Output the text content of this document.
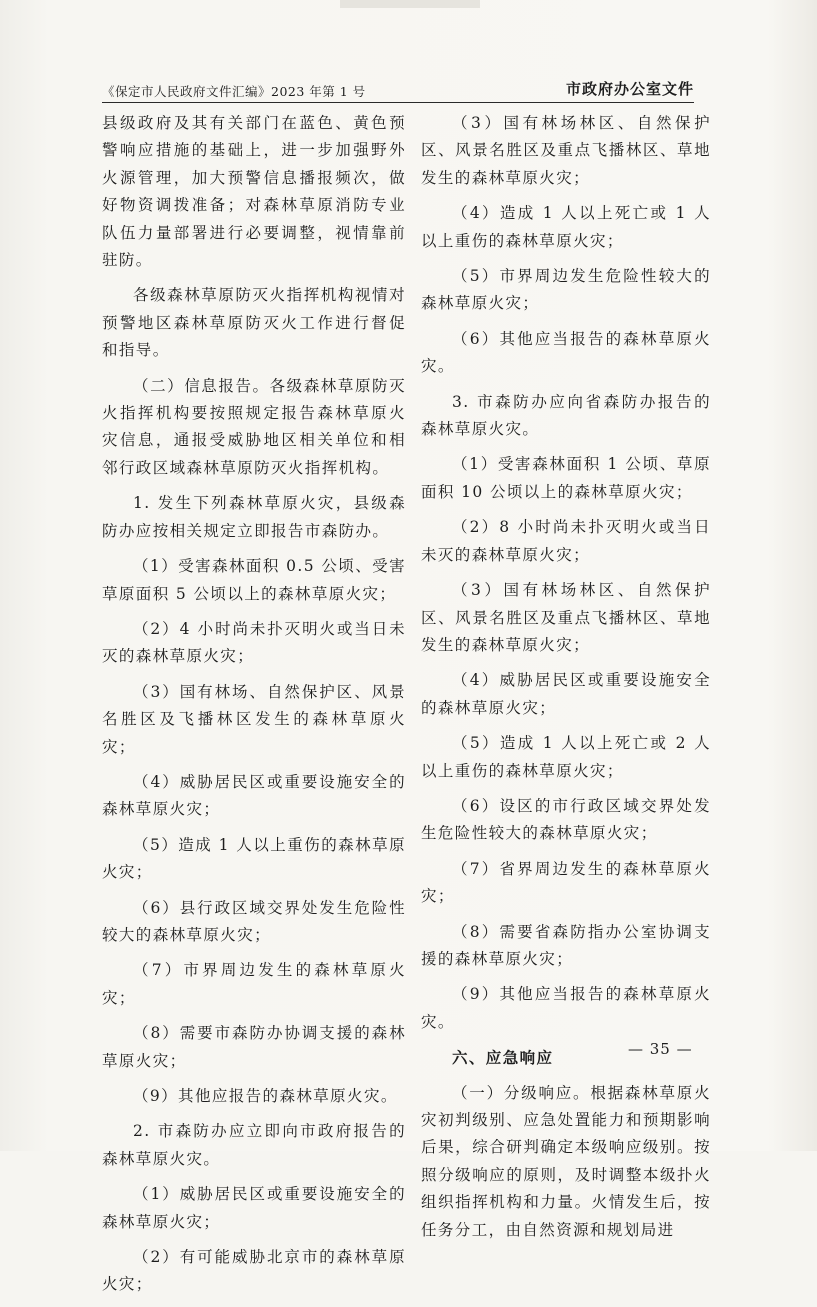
《保定市人民政府文件汇编》2023 年第 1 号	市政府办公室文件

县级政府及其有关部门在蓝色、黄色预警响应措施的基础上，进一步加强野外火源管理，加大预警信息播报频次，做好物资调拨准备；对森林草原消防专业队伍力量部署进行必要调整，视情靠前驻防。

各级森林草原防灭火指挥机构视情对预警地区森林草原防灭火工作进行督促和指导。

（二）信息报告。各级森林草原防灭火指挥机构要按照规定报告森林草原火灾信息，通报受威胁地区相关单位和相邻行政区域森林草原防灭火指挥机构。

1. 发生下列森林草原火灾，县级森防办应按相关规定立即报告市森防办。

（1）受害森林面积 0.5 公顷、受害草原面积 5 公顷以上的森林草原火灾；

（2）4 小时尚未扑灭明火或当日未灭的森林草原火灾；

（3）国有林场、自然保护区、风景名胜区及飞播林区发生的森林草原火灾；

（4）威胁居民区或重要设施安全的森林草原火灾；

（5）造成 1 人以上重伤的森林草原火灾；

（6）县行政区域交界处发生危险性较大的森林草原火灾；

（7）市界周边发生的森林草原火灾；

（8）需要市森防办协调支援的森林草原火灾；

（9）其他应报告的森林草原火灾。

2. 市森防办应立即向市政府报告的森林草原火灾。

（1）威胁居民区或重要设施安全的森林草原火灾；

（2）有可能威胁北京市的森林草原火灾；

（3）国有林场林区、自然保护区、风景名胜区及重点飞播林区、草地发生的森林草原火灾；

（4）造成 1 人以上死亡或 1 人以上重伤的森林草原火灾；

（5）市界周边发生危险性较大的森林草原火灾；

（6）其他应当报告的森林草原火灾。

3. 市森防办应向省森防办报告的森林草原火灾。

（1）受害森林面积 1 公顷、草原面积 10 公顷以上的森林草原火灾；

（2）8 小时尚未扑灭明火或当日未灭的森林草原火灾；

（3）国有林场林区、自然保护区、风景名胜区及重点飞播林区、草地发生的森林草原火灾；

（4）威胁居民区或重要设施安全的森林草原火灾；

（5）造成 1 人以上死亡或 2 人以上重伤的森林草原火灾；

（6）设区的市行政区域交界处发生危险性较大的森林草原火灾；

（7）省界周边发生的森林草原火灾；

（8）需要省森防指办公室协调支援的森林草原火灾；

（9）其他应当报告的森林草原火灾。

六、应急响应

（一）分级响应。根据森林草原火灾初判级别、应急处置能力和预期影响后果，综合研判确定本级响应级别。按照分级响应的原则，及时调整本级扑火组织指挥机构和力量。火情发生后，按任务分工，由自然资源和规划局进

— 35 —
